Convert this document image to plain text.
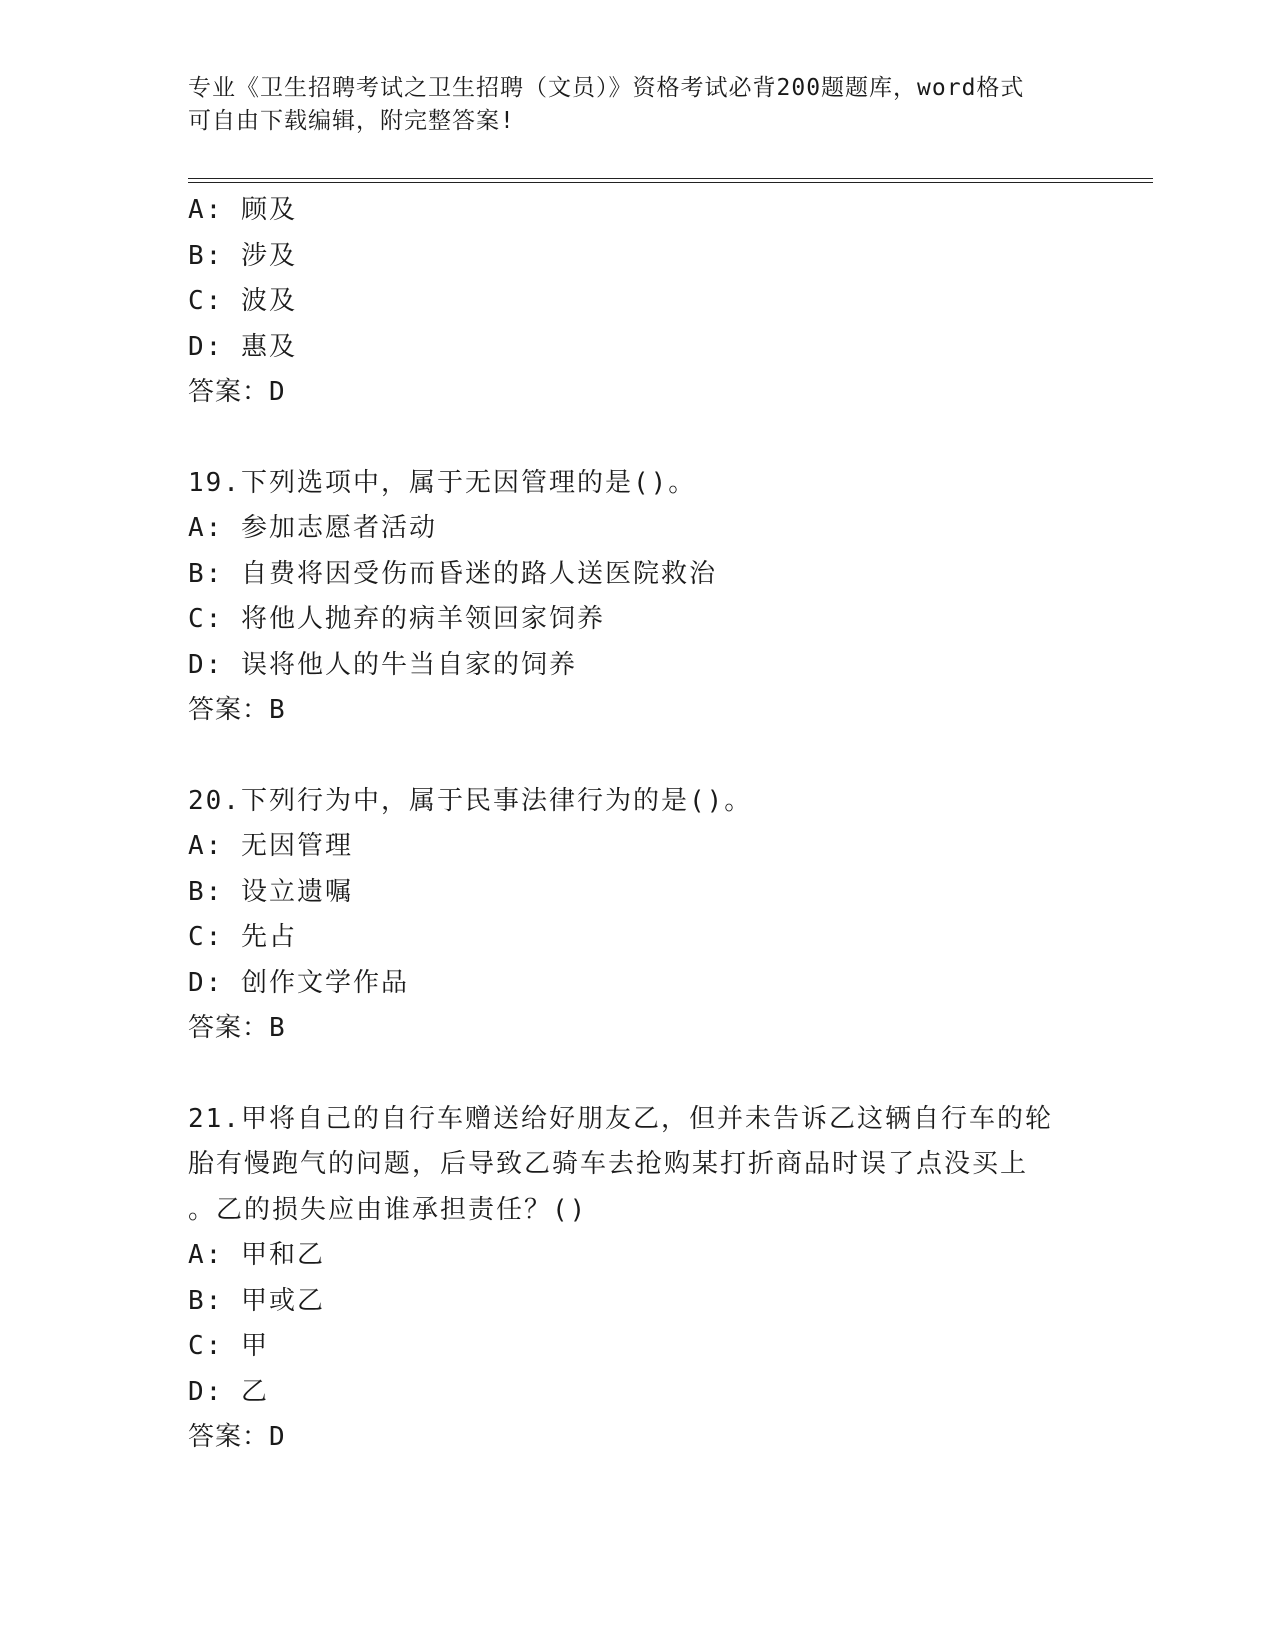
专业《卫生招聘考试之卫生招聘（文员）》资格考试必背200题题库，word格式
可自由下载编辑，附完整答案!
A: 顾及
B: 涉及
C: 波及
D: 惠及
答案：D
19.下列选项中，属于无因管理的是()。
A: 参加志愿者活动
B: 自费将因受伤而昏迷的路人送医院救治
C: 将他人抛弃的病羊领回家饲养
D: 误将他人的牛当自家的饲养
答案：B
20.下列行为中，属于民事法律行为的是()。
A: 无因管理
B: 设立遗嘱
C: 先占
D: 创作文学作品
答案：B
21.甲将自己的自行车赠送给好朋友乙，但并未告诉乙这辆自行车的轮
胎有慢跑气的问题，后导致乙骑车去抢购某打折商品时误了点没买上
。乙的损失应由谁承担责任？()
A: 甲和乙
B: 甲或乙
C: 甲
D: 乙
答案：D
